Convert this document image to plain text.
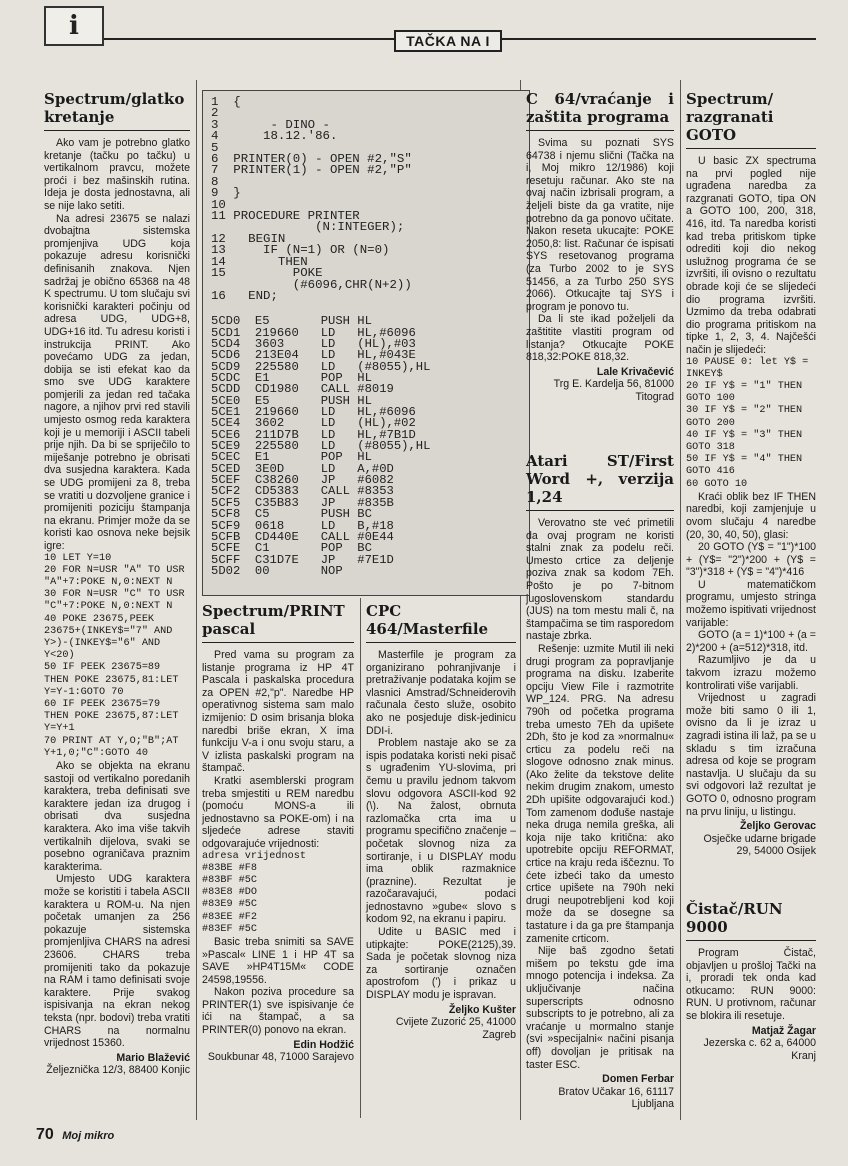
i	TAČKA NA I
Spectrum/glatko kretanje

Ako vam je potrebno glatko kretanje (tačku po tačku) u vertikalnom pravcu, možete proći i bez mašinskih rutina. Ideja je dosta jednostavna, ali se nije lako setiti.

Na adresi 23675 se nalazi dvobajtna sistemska promjenjiva UDG koja pokazuje adresu korisnički definisanih znakova. Njen sadržaj je obično 65368 na 48 K spectrumu. U tom slučaju svi korisnički karakteri počinju od adresa UDG, UDG+8, UDG+16 itd. Tu adresu koristi i instrukcija PRINT. Ako povećamo UDG za jedan, dobija se isti efekat kao da smo sve UDG karaktere pomjerili za jedan red tačaka nagore, a njihov prvi red stavili umjesto osmog reda karaktera koji je u memoriji i ASCII tabeli prije njih. Da bi se spriječilo to miješanje potrebno je obrisati dva susjedna karaktera. Kada se UDG promijeni za 8, treba se vratiti u dozvoljene granice i promijeniti poziciju štampanja na ekranu. Primjer može da se koristi kao osnova neke bejsik igre:

10 LET Y=10
20 FOR N=USR "A" TO USR "A"+7:POKE N,0:NEXT N
30 FOR N=USR "C" TO USR "C"+7:POKE N,0:NEXT N
40 POKE 23675,PEEK 23675+(INKEY$="7" AND Y>)-(INKEY$="6" AND Y<20)
50 IF PEEK 23675=89 THEN POKE 23675,81:LET Y=Y-1:GOTO 70
60 IF PEEK 23675=79 THEN POKE 23675,87:LET Y=Y+1
70 PRINT AT Y,O;"B";AT Y+1,0;"C":GOTO 40

Ako se objekta na ekranu sastoji od vertikalno poredanih karaktera, treba definisati sve karaktere jedan iza drugog i obrisati dva susjedna karaktera. Ako ima više takvih vertikalnih dijelova, svaki se posebno ograničava praznim karakterima.

Umjesto UDG karaktera može se koristiti i tabela ASCII karaktera u ROM-u. Na njen početak umanjen za 256 pokazuje sistemska promjenljiva CHARS na adresi 23606. CHARS treba promijeniti tako da pokazuje na RAM i tamo definisati svoje karaktere. Prije svakog ispisivanja na ekran nekog teksta (npr. bodovi) treba vratiti CHARS na normalnu vrijednost 15360.

Mario Blažević
Željeznička 12/3, 88400 Konjic
1  {
2
3       - DINO -
4      18.12.'86.
5
6  PRINTER(0) - OPEN #2,"S"
7  PRINTER(1) - OPEN #2,"P"
8
9  }
10
11 PROCEDURE PRINTER
(N:INTEGER);
12   BEGIN
13     IF (N=1) OR (N=0)
14       THEN
15         POKE
(#6096,CHR(N+2))
16   END;
5CD0  E5       PUSH HL
5CD1  219660   LD   HL,#6096
5CD4  3603     LD   (HL),#03
5CD6  213E04   LD   HL,#043E
5CD9  225580   LD   (#8055),HL
5CDC  E1       POP  HL
5CDD  CD1980   CALL #8019
5CE0  E5       PUSH HL
5CE1  219660   LD   HL,#6096
5CE4  3602     LD   (HL),#02
5CE6  211D7B   LD   HL,#7B1D
5CE9  225580   LD   (#8055),HL
5CEC  E1       POP  HL
5CED  3E0D     LD   A,#0D
5CEF  C38260   JP   #6082
5CF2  CD5383   CALL #8353
5CF5  C35B83   JP   #835B
5CF8  C5       PUSH BC
5CF9  0618     LD   B,#18
5CFB  CD440E   CALL #0E44
5CFE  C1       POP  BC
5CFF  C31D7E   JP   #7E1D
5D02  00       NOP
Spectrum/PRINT pascal

Pred vama su program za listanje programa iz HP 4T Pascala i paskalska procedura za OPEN #2,"p". Naredbe HP operativnog sistema sam malo izmijenio: D osim brisanja bloka naredbi briše ekran, X ima funkciju V-a i onu svoju staru, a V izlista paskalski program na štampač.

Kratki asemblerski program treba smjestiti u REM naredbu (pomoću MONS-a ili jednostavno sa POKE-om) i na sljedeće adrese staviti odgovarajuće vrijednosti:

adresa vrijednost
#83BE #F8
#83BF #5C
#83E8 #DO
#83E9 #5C
#83EE #F2
#83EF #5C

Basic treba snimiti sa SAVE »Pascal« LINE 1 i HP 4T sa SAVE »HP4T15M« CODE 24598,19556.

Nakon poziva procedure sa PRINTER(1) sve ispisivanje će ići na štampač, a sa PRINTER(0) ponovo na ekran.

Edin Hodžić
Soukbunar 48, 71000 Sarajevo
CPC 464/Masterfile

Masterfile je program za organizirano pohranjivanje i pretraživanje podataka kojim se vlasnici Amstrad/Schneiderovih računala često služe, osobito ako ne posjeduje disk-jedinicu DDI-i.

Problem nastaje ako se za ispis podataka koristi neki pisač s ugrađenim YU-slovima, pri čemu u pravilu jednom takvom slovu odgovora ASCII-kod 92 (\). Na žalost, obrnuta razlomačka crta ima u programu specifično značenje – početak slovnog niza za sortiranje, i u DISPLAY modu ima oblik razmaknice (praznine). Rezultat je razočaravajući, podaci jednostavno »gube« slovo s kodom 92, na ekranu i papiru.

Udite u BASIC med i utipkajte: POKE(2125),39. Sada je početak slovnog niza za sortiranje označen apostrofom (') i prikaz u DISPLAY modu je ispravan.

Željko Kušter
Cvijete Zuzorić 25, 41000 Zagreb
C 64/vraćanje i zaštita programa

Svima su poznati SYS 64738 i njemu slični (Tačka na i, Moj mikro 12/1986) koji resetuju računar. Ako ste na ovaj način izbrisali program, a željeli biste da ga vratite, nije potrebno da ga ponovo učitate. Nakon reseta ukucajte: POKE 2050,8: list. Računar će ispisati SYS resetovanog programa (za Turbo 2002 to je SYS 51456, a za Turbo 250 SYS 2066). Otkucajte taj SYS i program je ponovo tu.

Da li ste ikad poželjeli da zaštitite vlastiti program od listanja? Otkucajte POKE 818,32:POKE 818,32.

Lale Krivačević
Trg E. Kardelja 56, 81000 Titograd
Atari ST/First Word +, verzija 1,24

Verovatno ste već primetili da ovaj program ne koristi stalni znak za podelu reči. Umesto crtice za deljenje poziva znak sa kodom 7Eh. Pošto je po 7-bitnom jugoslovenskom standardu (JUS) na tom mestu mali č, na štampačima se tim rasporedom nastaje zbrka.

Rešenje: uzmite Mutil ili neki drugi program za popravljanje programa na disku. Izaberite opciju View File i razmotrite WP_124. PRG. Na adresu 790h od početka programa treba umesto 7Eh da upišete 2Dh, što je kod za »normalnu« crticu za podelu reči na slogove odnosno znak minus. (Ako želite da tekstove delite nekim drugim znakom, umesto 2Dh upišite odgovarajući kod.) Tom zamenom dođuše nastaje neka druga nemila greška, ali koja nije tako kritična: ako upotrebite opciju REFORMAT, crtice na kraju reda iščeznu. To ćete izbeći tako da umesto crtice upišete na 790h neki drugi neupotrebljeni kod koji može da se dosegne sa tastature i da ga pre štampanja zamenite crticom.

Nije baš zgodno šetati mišem po tekstu gde ima mnogo potencija i indeksa. Za uključivanje načina superscripts odnosno subscripts to je potrebno, ali za vraćanje u mormalno stanje (svi »specijalni« načini pisanja off) dovoljan je pritisak na taster ESC.

Domen Ferbar
Bratov Učakar 16, 61117 Ljubljana
Spectrum/ razgranati GOTO

U basic ZX spectruma na prvi pogled nije ugrađena naredba za razgranati GOTO, tipa ON a GOTO 100, 200, 318, 416, itd. Ta naredba koristi kad treba pritiskom tipke odrediti koji dio nekog uslužnog programa će se izvršiti, ili ovisno o rezultatu obrade koji će se slijedeći dio programa izvršiti. Uzmimo da treba odabrati dio programa pritiskom na tipke 1, 2, 3, 4. Najčešći način je slijedeći:

10 PAUSE 0: let Y$ = INKEY$
20 IF Y$ = "1" THEN GOTO 100
30 IF Y$ = "2" THEN GOTO 200
40 IF Y$ = "3" THEN GOTO 318
50 IF Y$ = "4" THEN GOTO 416
60 GOTO 10

Kraći oblik bez IF THEN naredbi, koji zamjenjuje u ovom slučaju 4 naredbe (20, 30, 40, 50), glasi:

20 GOTO (Y$ = "1")*100 + (Y$= "2")*200 + (Y$ = "3")*318 + (Y$ = "4")*416

U matematičkom programu, umjesto stringa možemo ispitivati vrijednost varijable:

GOTO (a = 1)*100 + (a = 2)*200 + (a=512)*318, itd.

Razumljivo je da u takvom izrazu možemo kontrolirati više varijabli.

Vrijednost u zagradi može biti samo 0 ili 1, ovisno da li je izraz u zagradi istina ili laž, pa se u skladu s tim izračuna adresa od koje se program nastavlja. U slučaju da su svi odgovori laž rezultat je GOTO 0, odnosno program na prvu liniju, u listingu.

Željko Gerovac
Osječke udarne brigade 29, 54000 Osijek
Čistač/RUN 9000

Program Čistač, objavljen u prošloj Tački na i, proradi tek onda kad otkucamo: RUN 9000: RUN. U protivnom, računar se blokira ili resetuje.

Matjaž Žagar
Jezerska c. 62 a, 64000 Kranj
70 Moj mikro
